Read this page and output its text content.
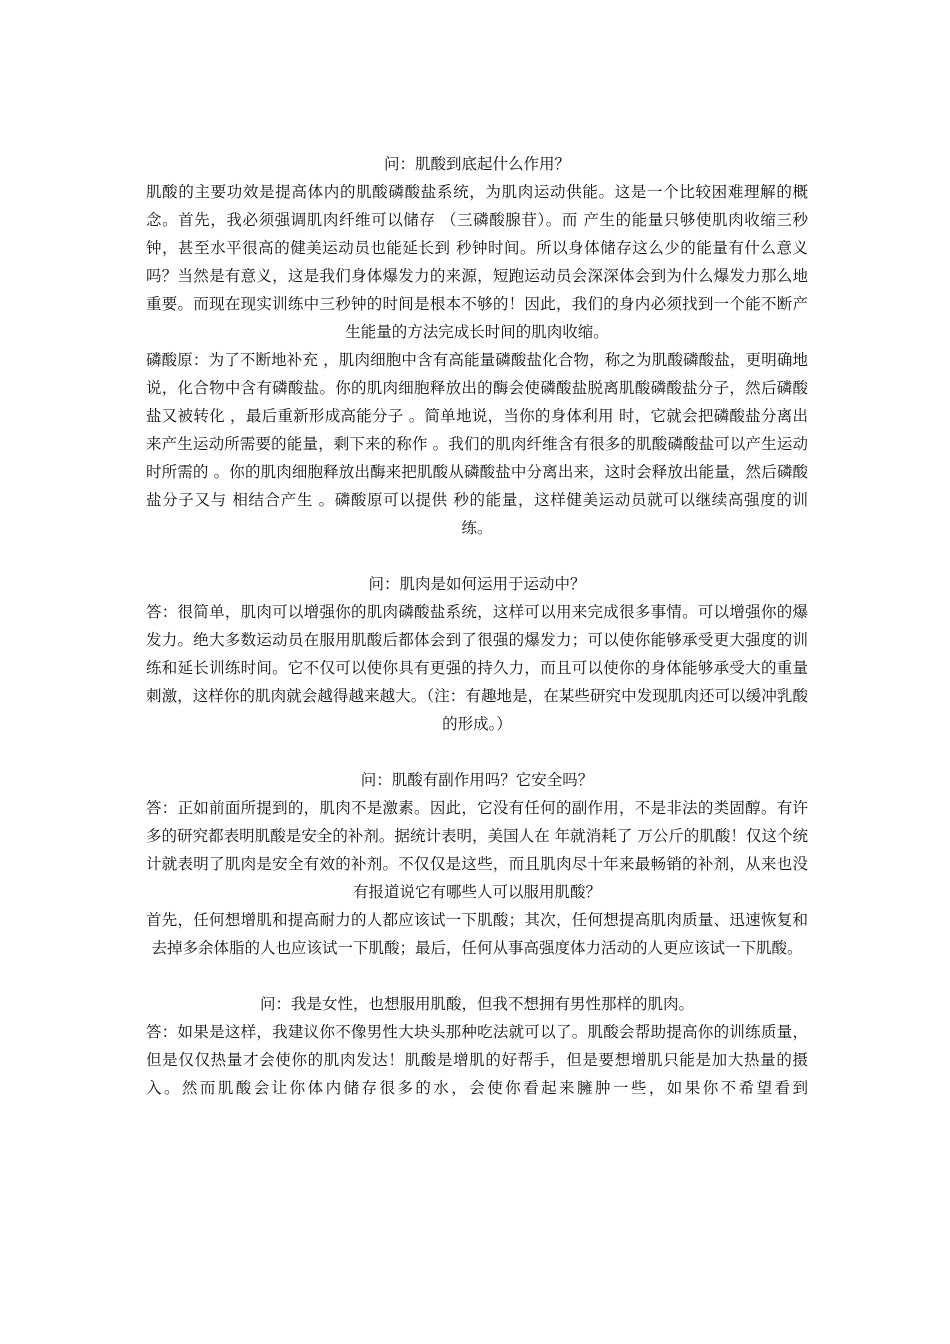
问：肌酸到底起什么作用？
肌酸的主要功效是提高体内的肌酸磷酸盐系统，为肌肉运动供能。这是一个比较困难理解的概念。首先，我必须强调肌肉纤维可以储存 （三磷酸腺苷）。而 产生的能量只够使肌肉收缩三秒钟，甚至水平很高的健美运动员也能延长到 秒钟时间。所以身体储存这么少的能量有什么意义吗？当然是有意义，这是我们身体爆发力的来源，短跑运动员会深深体会到为什么爆发力那么地重要。而现在现实训练中三秒钟的时间是根本不够的！因此，我们的身内必须找到一个能不断产生能量的方法完成长时间的肌肉收缩。
磷酸原：为了不断地补充 ，肌肉细胞中含有高能量磷酸盐化合物，称之为肌酸磷酸盐，更明确地说，化合物中含有磷酸盐。你的肌肉细胞释放出的酶会使磷酸盐脱离肌酸磷酸盐分子，然后磷酸盐又被转化 ，最后重新形成高能分子 。简单地说，当你的身体利用 时，它就会把磷酸盐分离出来产生运动所需要的能量，剩下来的称作 。我们的肌肉纤维含有很多的肌酸磷酸盐可以产生运动时所需的 。你的肌肉细胞释放出酶来把肌酸从磷酸盐中分离出来，这时会释放出能量，然后磷酸盐分子又与 相结合产生 。磷酸原可以提供 秒的能量，这样健美运动员就可以继续高强度的训练。
问：肌肉是如何运用于运动中？
答：很简单，肌肉可以增强你的肌肉磷酸盐系统，这样可以用来完成很多事情。可以增强你的爆发力。绝大多数运动员在服用肌酸后都体会到了很强的爆发力；可以使你能够承受更大强度的训练和延长训练时间。它不仅可以使你具有更强的持久力，而且可以使你的身体能够承受大的重量刺激，这样你的肌肉就会越得越来越大。（注：有趣地是，在某些研究中发现肌肉还可以缓冲乳酸的形成。）
问：肌酸有副作用吗？它安全吗？
答：正如前面所提到的，肌肉不是激素。因此，它没有任何的副作用，不是非法的类固醇。有许多的研究都表明肌酸是安全的补剂。据统计表明，美国人在 年就消耗了 万公斤的肌酸！仅这个统计就表明了肌肉是安全有效的补剂。不仅仅是这些，而且肌肉尽十年来最畅销的补剂，从来也没有报道说它有哪些人可以服用肌酸？
首先，任何想增肌和提高耐力的人都应该试一下肌酸；其次，任何想提高肌肉质量、迅速恢复和去掉多余体脂的人也应该试一下肌酸；最后，任何从事高强度体力活动的人更应该试一下肌酸。
问：我是女性，也想服用肌酸，但我不想拥有男性那样的肌肉。
答：如果是这样，我建议你不像男性大块头那种吃法就可以了。肌酸会帮助提高你的训练质量，但是仅仅热量才会使你的肌肉发达！肌酸是增肌的好帮手，但是要想增肌只能是加大热量的摄入。然而肌酸会让你体内储存很多的水，会使你看起来臃肿一些，如果你不希望看到
